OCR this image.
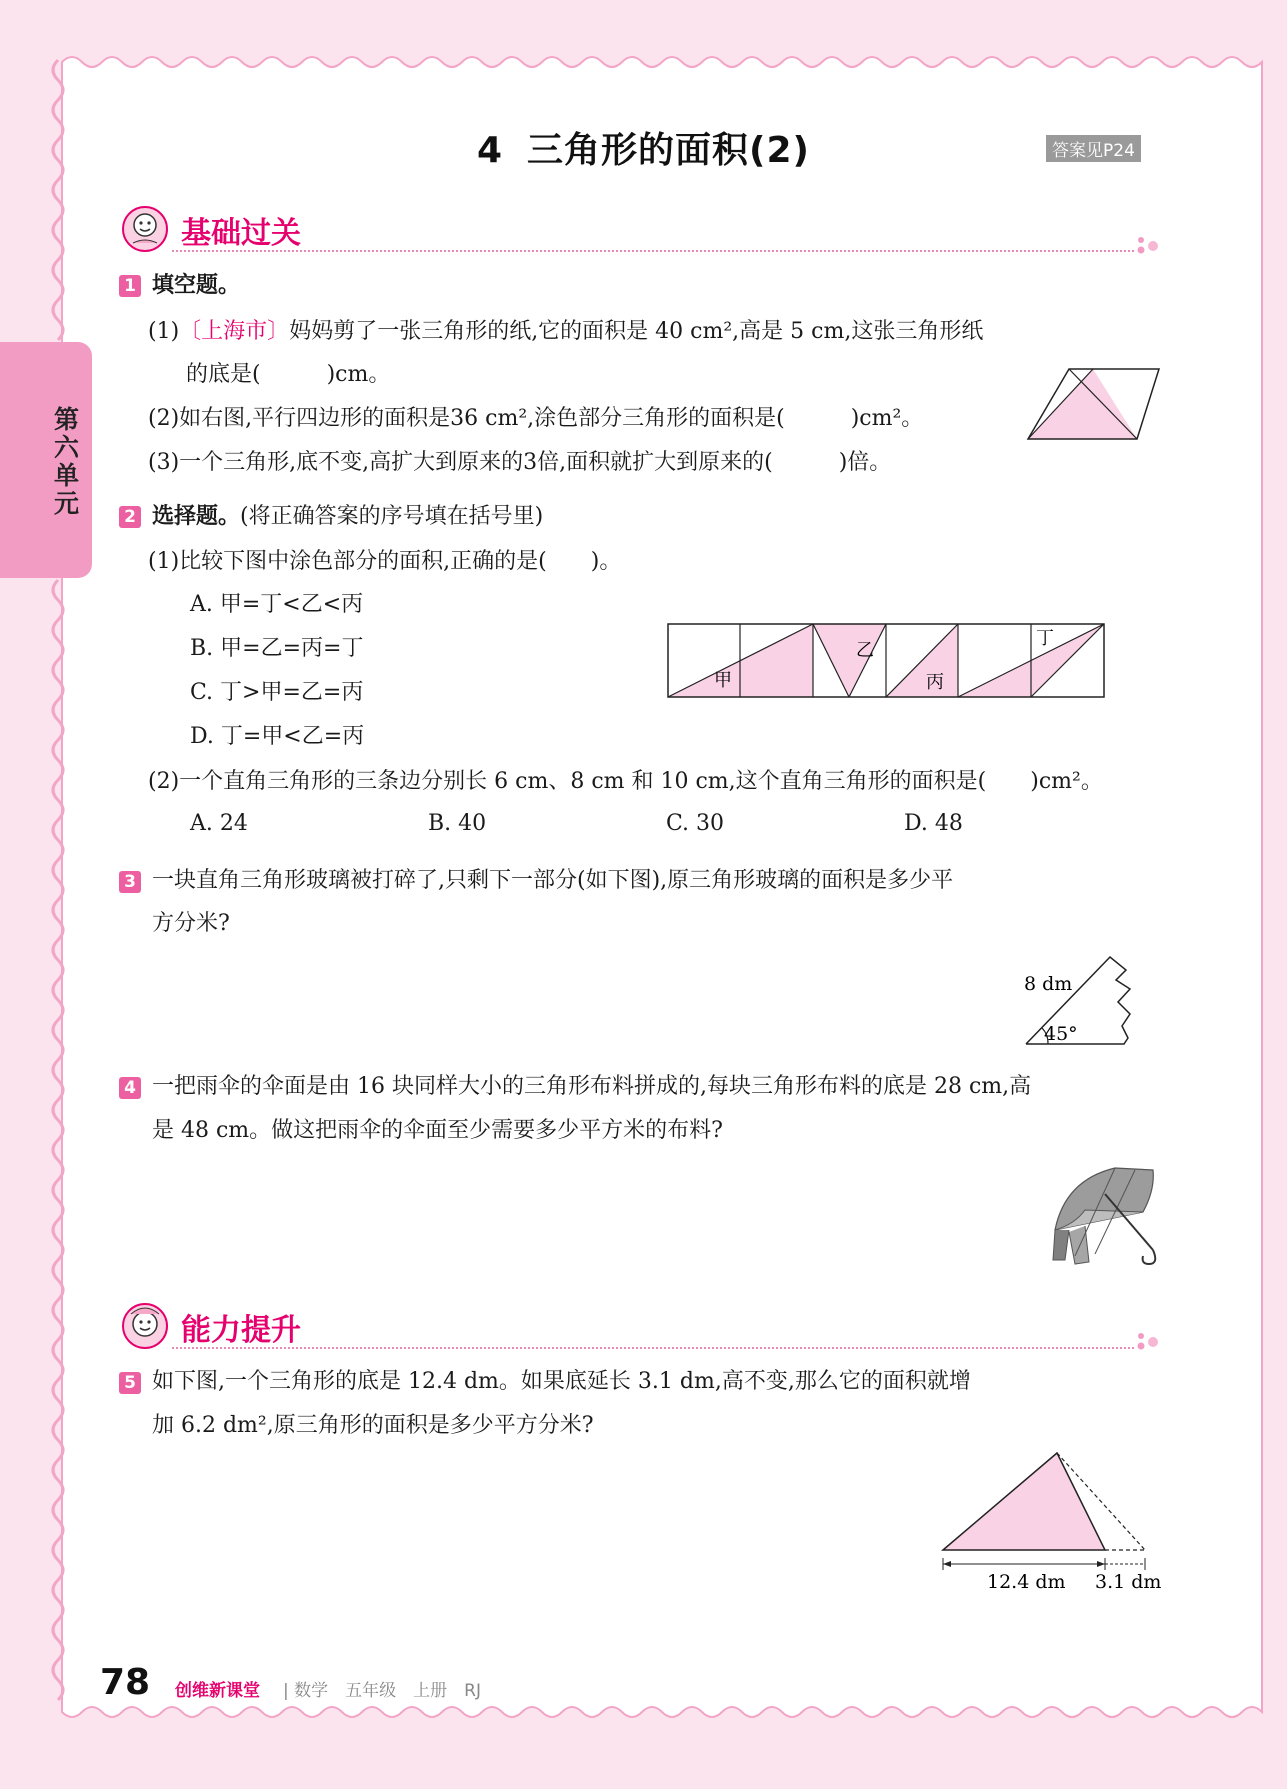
4 三角形的面积(2)	答案见P24
第六单元
基础过关
1 填空题。
(1)〔上海市〕妈妈剪了一张三角形的纸,它的面积是 40 cm²,高是 5 cm,这张三角形纸
的底是(　　　)cm。
(2)如右图,平行四边形的面积是36 cm²,涂色部分三角形的面积是(　　　)cm²。
(3)一个三角形,底不变,高扩大到原来的3倍,面积就扩大到原来的(　　　)倍。
2 选择题。(将正确答案的序号填在括号里)
(1)比较下图中涂色部分的面积,正确的是(　　)。
A. 甲=丁<乙<丙
B. 甲=乙=丙=丁
C. 丁>甲=乙=丙
D. 丁=甲<乙=丙
甲
乙
丙
丁
(2)一个直角三角形的三条边分别长 6 cm、8 cm 和 10 cm,这个直角三角形的面积是(　　)cm²。
A. 24	B. 40	C. 30	D. 48
3 一块直角三角形玻璃被打碎了,只剩下一部分(如下图),原三角形玻璃的面积是多少平
方分米?
8 dm
45°
4 一把雨伞的伞面是由 16 块同样大小的三角形布料拼成的,每块三角形布料的底是 28 cm,高
是 48 cm。做这把雨伞的伞面至少需要多少平方米的布料?
能力提升
5 如下图,一个三角形的底是 12.4 dm。如果底延长 3.1 dm,高不变,那么它的面积就增
加 6.2 dm²,原三角形的面积是多少平方分米?
12.4 dm 3.1 dm
78 创维新课堂 | 数学　五年级　上册　RJ
